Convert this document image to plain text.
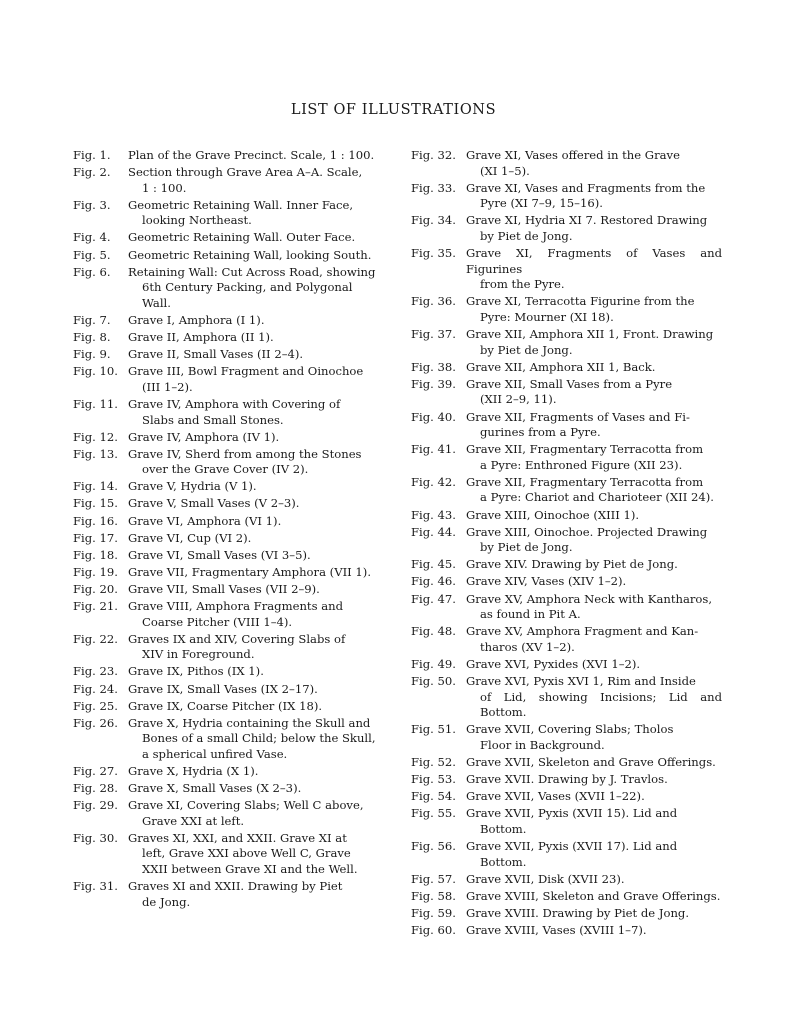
LIST OF ILLUSTRATIONS
Fig. 1.	Plan of the Grave Precinct. Scale, 1 : 100.
Fig. 2.	Section through Grave Area A–A. Scale,
1 : 100.
Fig. 3.	Geometric Retaining Wall. Inner Face,
looking Northeast.
Fig. 4.	Geometric Retaining Wall. Outer Face.
Fig. 5.	Geometric Retaining Wall, looking South.
Fig. 6.	Retaining Wall: Cut Across Road, showing
6th Century Packing, and Polygonal
Wall.
Fig. 7.	Grave I, Amphora (I 1).
Fig. 8.	Grave II, Amphora (II 1).
Fig. 9.	Grave II, Small Vases (II 2–4).
Fig. 10. Grave III, Bowl Fragment and Oinochoe
(III 1–2).
Fig. 11. Grave IV, Amphora with Covering of
Slabs and Small Stones.
Fig. 12. Grave IV, Amphora (IV 1).
Fig. 13. Grave IV, Sherd from among the Stones
over the Grave Cover (IV 2).
Fig. 14. Grave V, Hydria (V 1).
Fig. 15. Grave V, Small Vases (V 2–3).
Fig. 16. Grave VI, Amphora (VI 1).
Fig. 17. Grave VI, Cup (VI 2).
Fig. 18. Grave VI, Small Vases (VI 3–5).
Fig. 19. Grave VII, Fragmentary Amphora (VII 1).
Fig. 20. Grave VII, Small Vases (VII 2–9).
Fig. 21. Grave VIII, Amphora Fragments and
Coarse Pitcher (VIII 1–4).
Fig. 22. Graves IX and XIV, Covering Slabs of
XIV in Foreground.
Fig. 23. Grave IX, Pithos (IX 1).
Fig. 24. Grave IX, Small Vases (IX 2–17).
Fig. 25. Grave IX, Coarse Pitcher (IX 18).
Fig. 26. Grave X, Hydria containing the Skull and
Bones of a small Child; below the Skull,
a spherical unfired Vase.
Fig. 27. Grave X, Hydria (X 1).
Fig. 28. Grave X, Small Vases (X 2–3).
Fig. 29. Grave XI, Covering Slabs; Well C above,
Grave XXI at left.
Fig. 30. Graves XI, XXI, and XXII. Grave XI at
left, Grave XXI above Well C, Grave
XXII between Grave XI and the Well.
Fig. 31. Graves XI and XXII. Drawing by Piet
de Jong.
Fig. 32. Grave XI, Vases offered in the Grave
(XI 1–5).
Fig. 33. Grave XI, Vases and Fragments from the
Pyre (XI 7–9, 15–16).
Fig. 34. Grave XI, Hydria XI 7. Restored Drawing
by Piet de Jong.
Fig. 35. Grave XI, Fragments of Vases and Figurines
from the Pyre.
Fig. 36. Grave XI, Terracotta Figurine from the
Pyre: Mourner (XI 18).
Fig. 37. Grave XII, Amphora XII 1, Front. Drawing
by Piet de Jong.
Fig. 38. Grave XII, Amphora XII 1, Back.
Fig. 39. Grave XII, Small Vases from a Pyre
(XII 2–9, 11).
Fig. 40. Grave XII, Fragments of Vases and Fi-
gurines from a Pyre.
Fig. 41. Grave XII, Fragmentary Terracotta from
a Pyre: Enthroned Figure (XII 23).
Fig. 42. Grave XII, Fragmentary Terracotta from
a Pyre: Chariot and Charioteer (XII 24).
Fig. 43. Grave XIII, Oinochoe (XIII 1).
Fig. 44. Grave XIII, Oinochoe. Projected Drawing
by Piet de Jong.
Fig. 45. Grave XIV. Drawing by Piet de Jong.
Fig. 46. Grave XIV, Vases (XIV 1–2).
Fig. 47. Grave XV, Amphora Neck with Kantharos,
as found in Pit A.
Fig. 48. Grave XV, Amphora Fragment and Kan-
tharos (XV 1–2).
Fig. 49. Grave XVI, Pyxides (XVI 1–2).
Fig. 50. Grave XVI, Pyxis XVI 1, Rim and Inside
of Lid, showing Incisions; Lid and Bottom.
Fig. 51. Grave XVII, Covering Slabs; Tholos
Floor in Background.
Fig. 52. Grave XVII, Skeleton and Grave Offerings.
Fig. 53. Grave XVII. Drawing by J. Travlos.
Fig. 54. Grave XVII, Vases (XVII 1–22).
Fig. 55. Grave XVII, Pyxis (XVII 15). Lid and
Bottom.
Fig. 56. Grave XVII, Pyxis (XVII 17). Lid and
Bottom.
Fig. 57. Grave XVII, Disk (XVII 23).
Fig. 58. Grave XVIII, Skeleton and Grave Offerings.
Fig. 59. Grave XVIII. Drawing by Piet de Jong.
Fig. 60. Grave XVIII, Vases (XVIII 1–7).
